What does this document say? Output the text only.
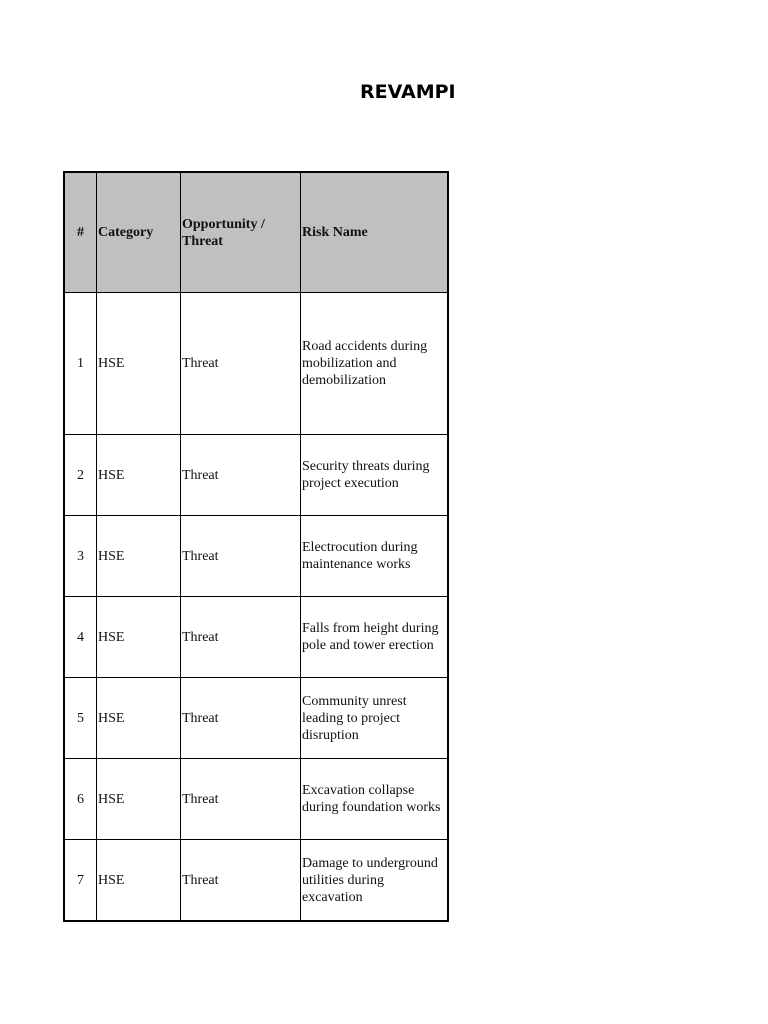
REVAMPI
#	Category	Opportunity / Threat	Risk Name
1	HSE	Threat	Road accidents during mobilization and demobilization
2	HSE	Threat	Security threats during project execution
3	HSE	Threat	Electrocution during maintenance works
4	HSE	Threat	Falls from height during pole and tower erection
5	HSE	Threat	Community unrest leading to project disruption
6	HSE	Threat	Excavation collapse during foundation works
7	HSE	Threat	Damage to underground utilities during excavation
